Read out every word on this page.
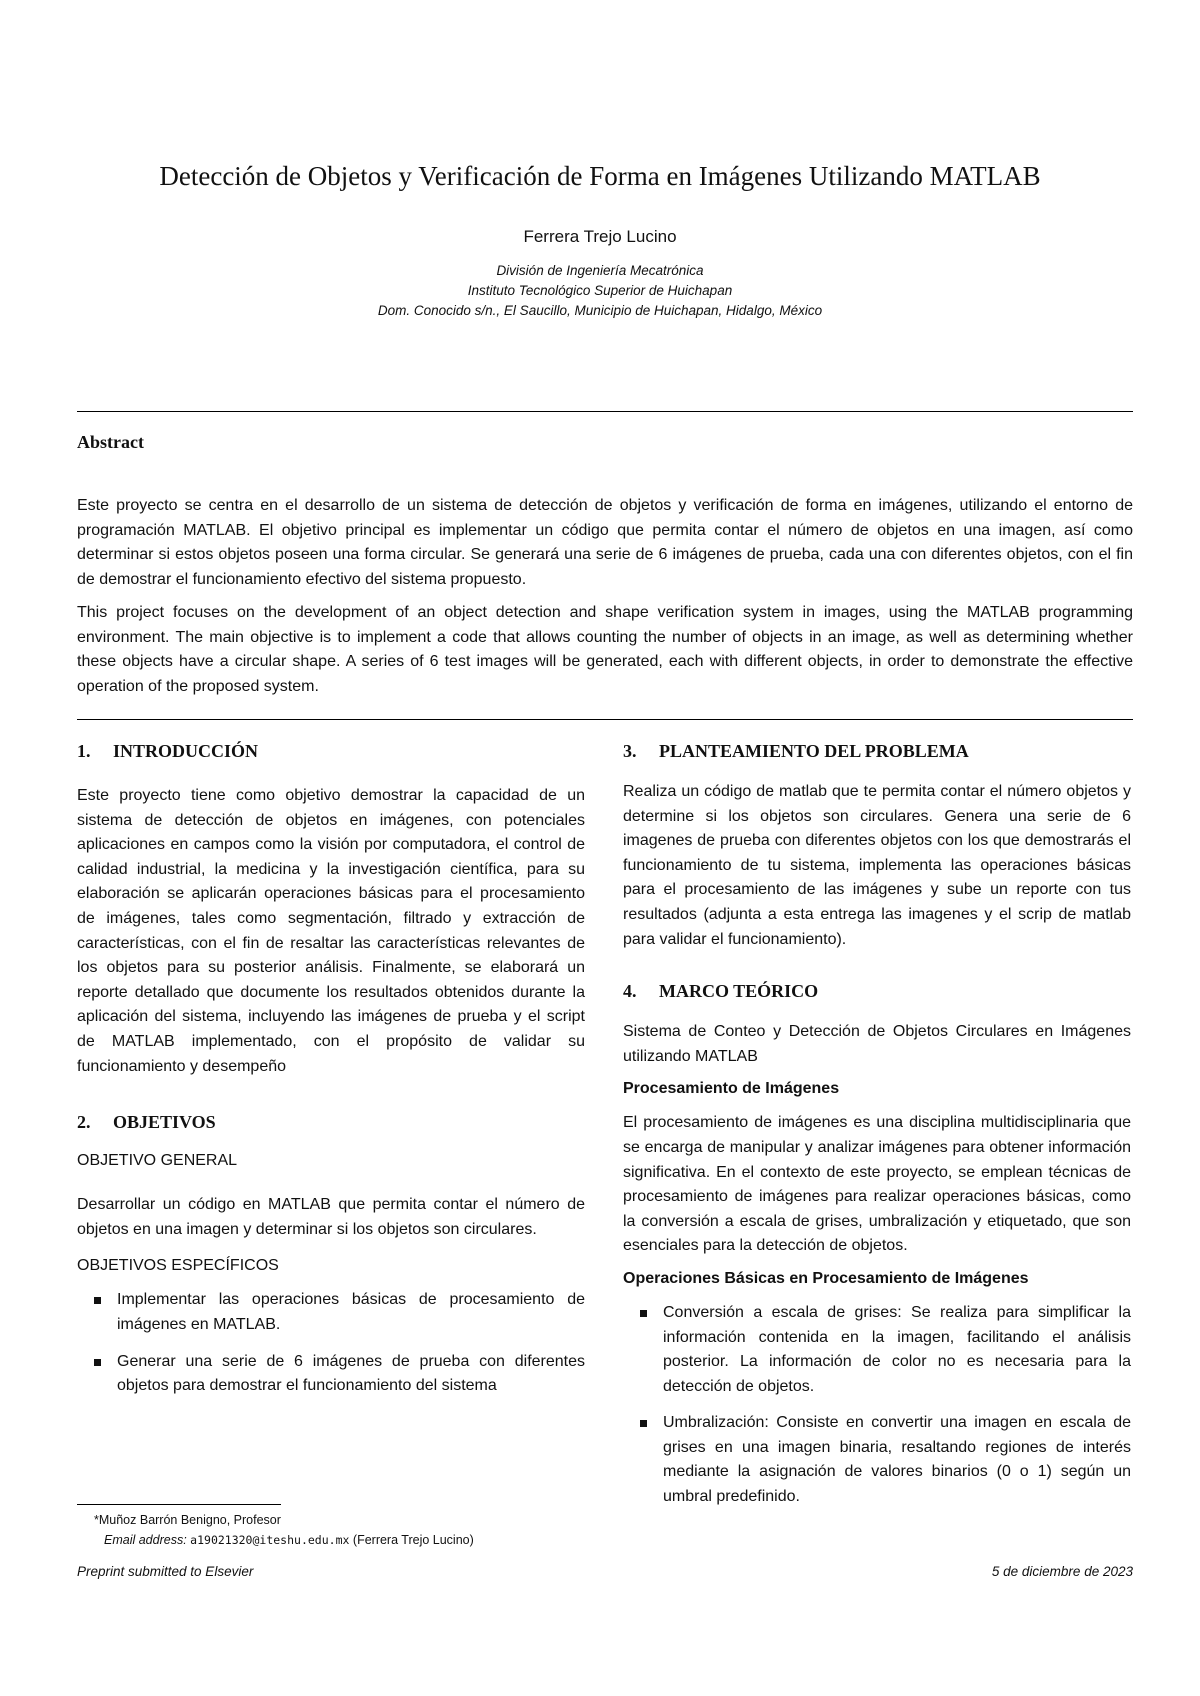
Detección de Objetos y Verificación de Forma en Imágenes Utilizando MATLAB
Ferrera Trejo Lucino
División de Ingeniería Mecatrónica
Instituto Tecnológico Superior de Huichapan
Dom. Conocido s/n., El Saucillo, Municipio de Huichapan, Hidalgo, México
Abstract

Este proyecto se centra en el desarrollo de un sistema de detección de objetos y verificación de forma en imágenes, utilizando el entorno de programación MATLAB. El objetivo principal es implementar un código que permita contar el número de objetos en una imagen, así como determinar si estos objetos poseen una forma circular. Se generará una serie de 6 imágenes de prueba, cada una con diferentes objetos, con el fin de demostrar el funcionamiento efectivo del sistema propuesto.

This project focuses on the development of an object detection and shape verification system in images, using the MATLAB programming environment. The main objective is to implement a code that allows counting the number of objects in an image, as well as determining whether these objects have a circular shape. A series of 6 test images will be generated, each with different objects, in order to demonstrate the effective operation of the proposed system.

1. INTRODUCCIÓN

Este proyecto tiene como objetivo demostrar la capacidad de un sistema de detección de objetos en imágenes, con potenciales aplicaciones en campos como la visión por computadora, el control de calidad industrial, la medicina y la investigación científica, para su elaboración se aplicarán operaciones básicas para el procesamiento de imágenes, tales como segmentación, filtrado y extracción de características, con el fin de resaltar las características relevantes de los objetos para su posterior análisis. Finalmente, se elaborará un reporte detallado que documente los resultados obtenidos durante la aplicación del sistema, incluyendo las imágenes de prueba y el script de MATLAB implementado, con el propósito de validar su funcionamiento y desempeño

2. OBJETIVOS
OBJETIVO GENERAL

Desarrollar un código en MATLAB que permita contar el número de objetos en una imagen y determinar si los objetos son circulares.

OBJETIVOS ESPECÍFICOS
Implementar las operaciones básicas de procesamiento de imágenes en MATLAB.
Generar una serie de 6 imágenes de prueba con diferentes objetos para demostrar el funcionamiento del sistema
3. PLANTEAMIENTO DEL PROBLEMA

Realiza un código de matlab que te permita contar el número objetos y determine si los objetos son circulares. Genera una serie de 6 imagenes de prueba con diferentes objetos con los que demostrarás el funcionamiento de tu sistema, implementa las operaciones básicas para el procesamiento de las imágenes y sube un reporte con tus resultados (adjunta a esta entrega las imagenes y el scrip de matlab para validar el funcionamiento).

4. MARCO TEÓRICO

Sistema de Conteo y Detección de Objetos Circulares en Imágenes utilizando MATLAB

Procesamiento de Imágenes

El procesamiento de imágenes es una disciplina multidisciplinaria que se encarga de manipular y analizar imágenes para obtener información significativa. En el contexto de este proyecto, se emplean técnicas de procesamiento de imágenes para realizar operaciones básicas, como la conversión a escala de grises, umbralización y etiquetado, que son esenciales para la detección de objetos.

Operaciones Básicas en Procesamiento de Imágenes
Conversión a escala de grises: Se realiza para simplificar la información contenida en la imagen, facilitando el análisis posterior. La información de color no es necesaria para la detección de objetos.
Umbralización: Consiste en convertir una imagen en escala de grises en una imagen binaria, resaltando regiones de interés mediante la asignación de valores binarios (0 o 1) según un umbral predefinido.
*Muñoz Barrón Benigno, Profesor
Email address: a19021320@iteshu.edu.mx (Ferrera Trejo Lucino)
Preprint submitted to Elsevier	5 de diciembre de 2023
